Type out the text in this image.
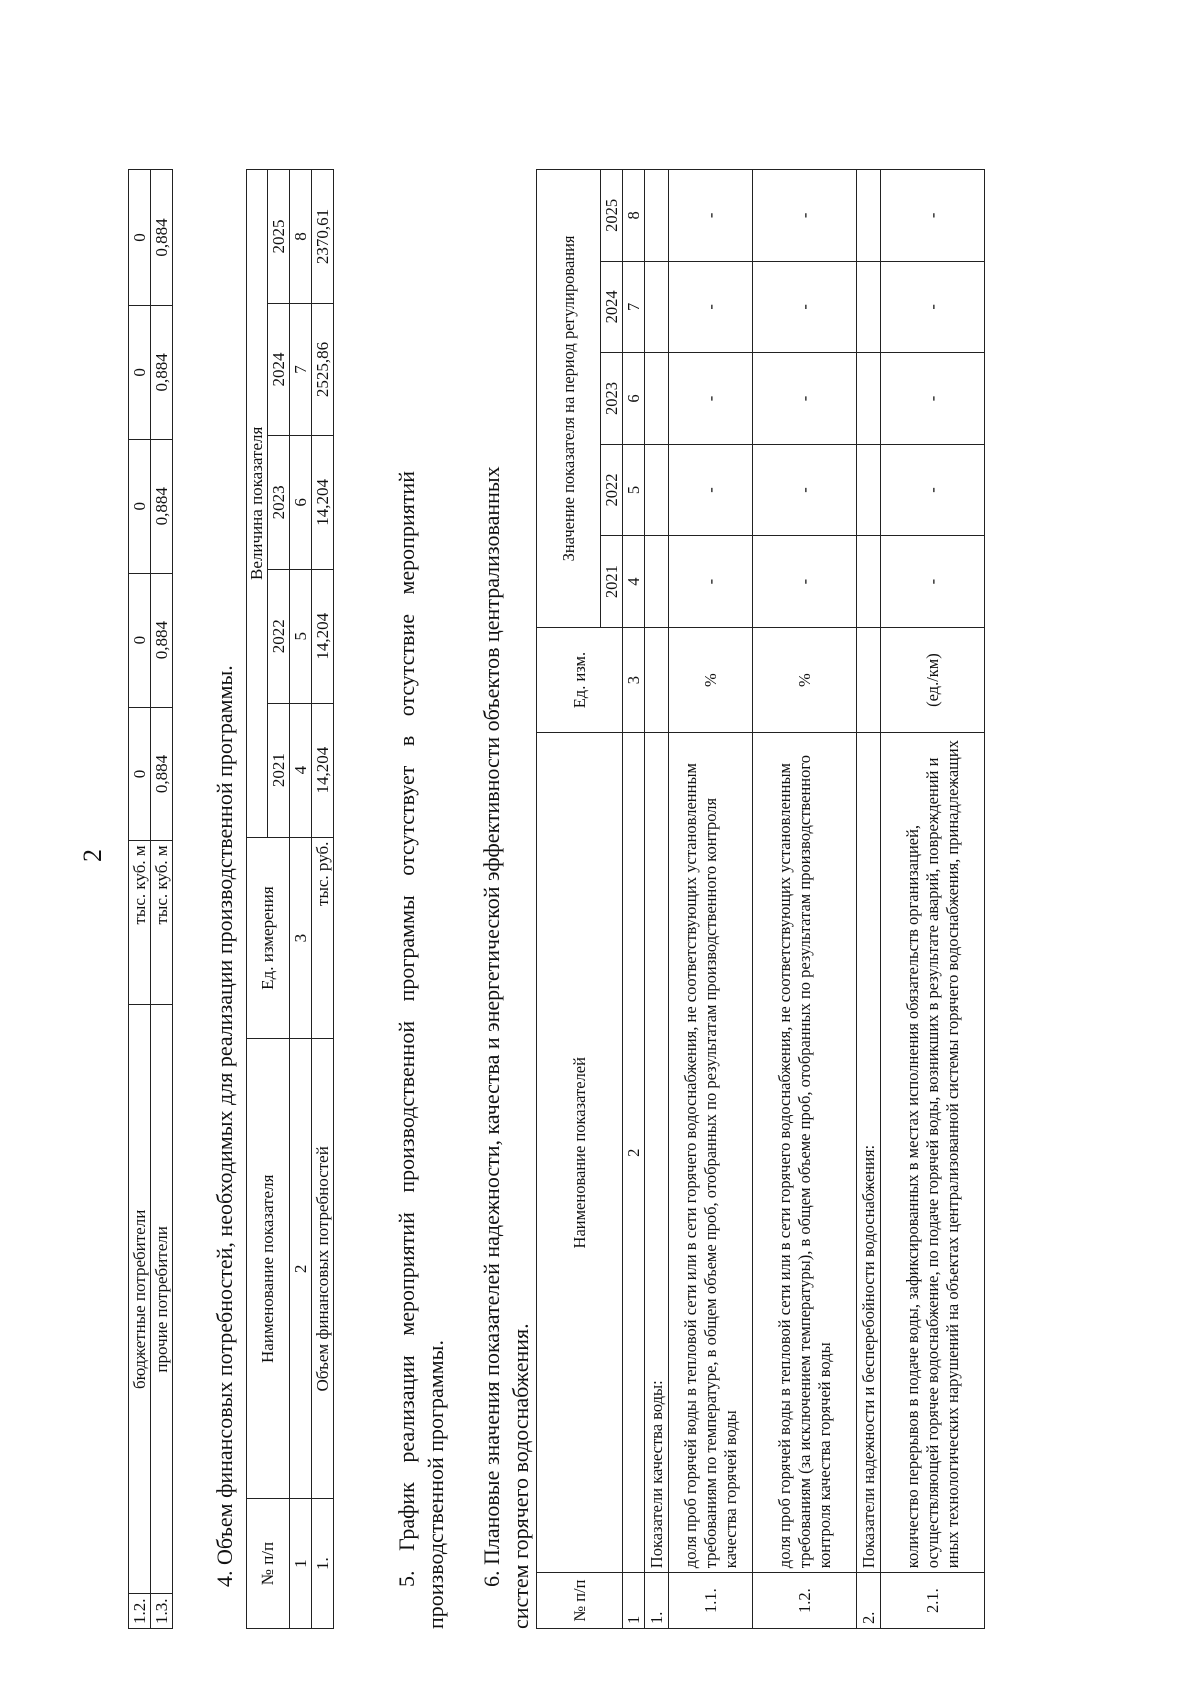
2
1.2.	бюджетные потребители	тыс. куб. м	0	0	0	0	0
1.3.	прочие потребители	тыс. куб. м	0,884	0,884	0,884	0,884	0,884
4. Объем финансовых потребностей, необходимых для реализации производственной программы. № п/п	Наименование показателя	Ед. измерения	Величина показателя				
			2021	2022	2023	2024	2025
1	2	3	4	5	6	7	8
1.	Объем финансовых потребностей	тыс. руб.	14,204	14,204	14,204	2525,86	2370,61
5. График реализации мероприятий производственной программы отсутствует в отсутствие мероприятий производственной программы. 6. Плановые значения показателей надежности, качества и энергетической эффективности объектов централизованных систем горячего водоснабжения. № п/п	Наименование показателей	Ед. изм.	Значение показателя на период регулирования				
			2021	2022	2023	2024	2025
1	2	3	4	5	6	7	8
1.	Показатели качества воды:						
1.1.	доля проб горячей воды в тепловой сети или в сети горячего водоснабжения, не соответствующих установленным требованиям по температуре, в общем объеме проб, отобранных по результатам производственного контроля качества горячей воды	%	-	-	-	-	-
1.2.	доля проб горячей воды в тепловой сети или в сети горячего водоснабжения, не соответствующих установленным требованиям (за исключением температуры), в общем объеме проб, отобранных по результатам производственного контроля качества горячей воды	%	-	-	-	-	-
2.	Показатели надежности и бесперебойности водоснабжения:						
2.1.	количество перерывов в подаче воды, зафиксированных в местах исполнения обязательств организацией, осуществляющей горячее водоснабжение, по подаче горячей воды, возникших в результате аварий, повреждений и иных технологических нарушений на объектах централизованной системы горячего водоснабжения, принадлежащих	(ед./км)	-	-	-	-	-
